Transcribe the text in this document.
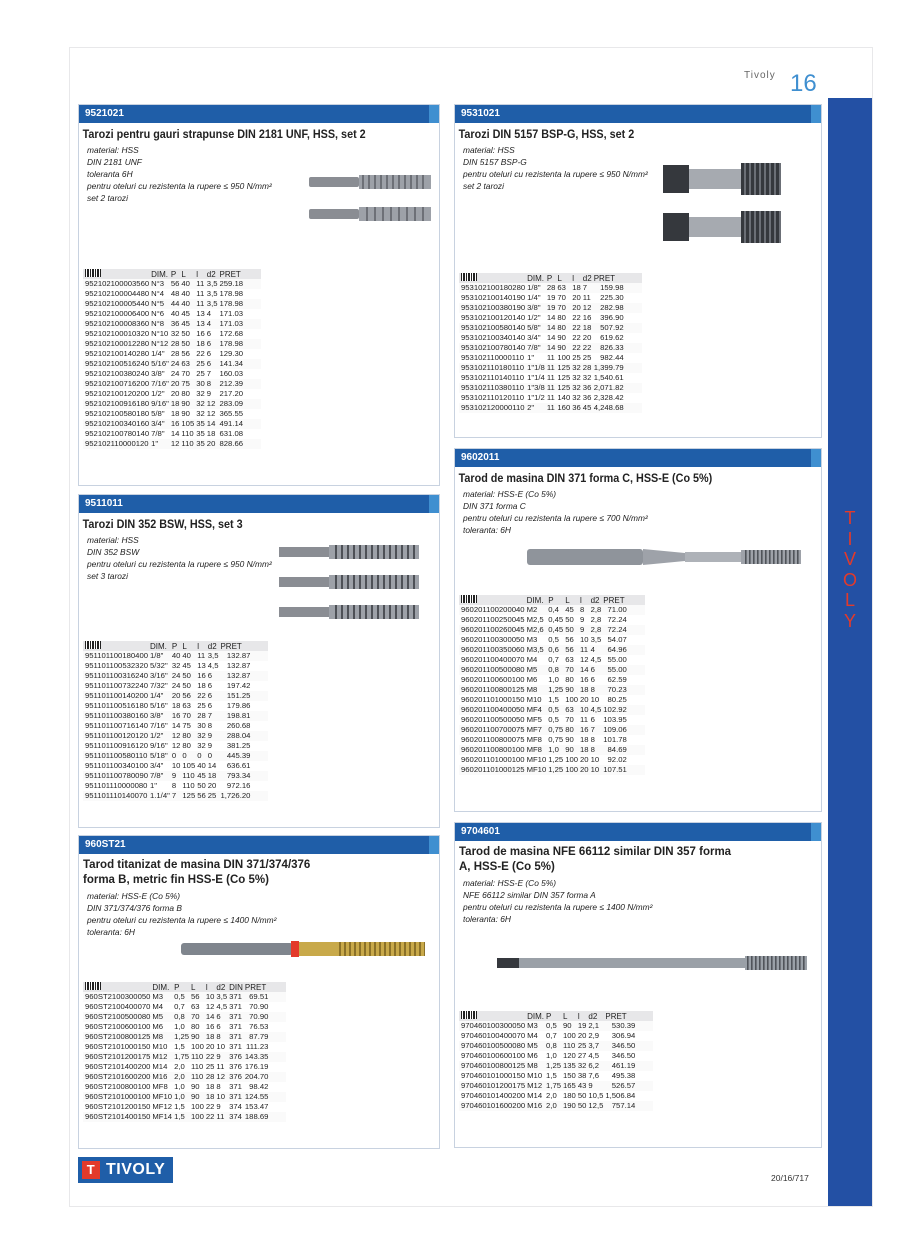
Tivoly 16
T
I
V
O
L
Y
9521021
Tarozi pentru gauri strapunse DIN 2181 UNF, HSS, set 2
material: HSS
DIN 2181 UNF
toleranta 6H
pentru oteluri cu rezistenta la rupere ≤ 950 N/mm²
set 2 tarozi
	DIM.	P	L	l	d2	PRET
952102100003560	N°3	56	40	11	3,5	259.18
952102100004480	N°4	48	40	11	3,5	178.98
952102100005440	N°5	44	40	11	3,5	178.98
952102100006400	N°6	40	45	13	4	171.03
952102100008360	N°8	36	45	13	4	171.03
952102100010320	N°10	32	50	16	6	172.68
952102100012280	N°12	28	50	18	6	178.98
952102100140280	1/4"	28	56	22	6	129.30
952102100516240	5/16"	24	63	25	6	141.34
952102100380240	3/8"	24	70	25	7	160.03
952102100716200	7/16"	20	75	30	8	212.39
952102100120200	1/2"	20	80	32	9	217.20
952102100916180	9/16"	18	90	32	12	283.09
952102100580180	5/8"	18	90	32	12	365.55
952102100340160	3/4"	16	105	35	14	491.14
952102100780140	7/8"	14	110	35	18	631.08
952102110000120	1"	12	110	35	20	828.66
9511011
Tarozi DIN 352 BSW, HSS, set 3
material: HSS
DIN 352 BSW
pentru oteluri cu rezistenta la rupere ≤ 950 N/mm²
set 3 tarozi
	DIM.	P	L	l	d2	PRET
951101100180400	1/8"	40	40	11	3,5	132.87
951101100532320	5/32"	32	45	13	4,5	132.87
951101100316240	3/16"	24	50	16	6	132.87
951101100732240	7/32"	24	50	18	6	197.42
951101100140200	1/4"	20	56	22	6	151.25
951101100516180	5/16"	18	63	25	6	179.86
951101100380160	3/8"	16	70	28	7	198.81
951101100716140	7/16"	14	75	30	8	260.68
951101100120120	1/2"	12	80	32	9	288.04
951101100916120	9/16"	12	80	32	9	381.25
951101100580110	5/18"	0	0	0	0	445.39
951101100340100	3/4"	10	105	40	14	636.61
951101100780090	7/8"	9	110	45	18	793.34
951101110000080	1"	8	110	50	20	972.16
951101110140070	1.1/4"	7	125	56	25	1,726.20
960ST21
Tarod titanizat de masina DIN 371/374/376 forma B, metric fin HSS-E (Co 5%)
material: HSS-E (Co 5%)
DIN 371/374/376 forma B
pentru oteluri cu rezistenta la rupere ≤ 1400 N/mm²
toleranta: 6H
	DIM.	P	L	l	d2	DIN	PRET
960ST2100300050	M3	0,5	56	10	3,5	371	69.51
960ST2100400070	M4	0,7	63	12	4,5	371	70.90
960ST2100500080	M5	0,8	70	14	6	371	70.90
960ST2100600100	M6	1,0	80	16	6	371	76.53
960ST2100800125	M8	1,25	90	18	8	371	87.79
960ST2101000150	M10	1,5	100	20	10	371	111.23
960ST2101200175	M12	1,75	110	22	9	376	143.35
960ST2101400200	M14	2,0	110	25	11	376	176.19
960ST2101600200	M16	2,0	110	28	12	376	204.70
960ST2100800100	MF8	1,0	90	18	8	371	98.42
960ST2101000100	MF10	1,0	90	18	10	371	124.55
960ST2101200150	MF12	1,5	100	22	9	374	153.47
960ST2101400150	MF14	1,5	100	22	11	374	188.69
9531021
Tarozi DIN 5157 BSP-G, HSS, set 2
material: HSS
DIN 5157 BSP-G
pentru oteluri cu rezistenta la rupere ≤ 950 N/mm²
set 2 tarozi
	DIM.	P	L	l	d2	PRET
953102100180280	1/8"	28	63	18	7	159.98
953102100140190	1/4"	19	70	20	11	225.30
953102100380190	3/8"	19	70	20	12	282.98
953102100120140	1/2"	14	80	22	16	396.90
953102100580140	5/8"	14	80	22	18	507.92
953102100340140	3/4"	14	90	22	20	619.62
953102100780140	7/8"	14	90	22	22	826.33
953102110000110	1"	11	100	25	25	982.44
953102110180110	1"1/8	11	125	32	28	1,399.79
953102110140110	1"1/4	11	125	32	32	1,540.61
953102110380110	1"3/8	11	125	32	36	2,071.82
953102110120110	1"1/2	11	140	32	36	2,328.42
953102120000110	2"	11	160	36	45	4,248.68
9602011
Tarod de masina DIN 371 forma C, HSS-E (Co 5%)
material: HSS-E (Co 5%)
DIN 371 forma C
pentru oteluri cu rezistenta la rupere ≤ 700 N/mm²
toleranta: 6H
	DIM.	P	L	l	d2	PRET
960201100200040	M2	0,4	45	8	2,8	71.00
960201100250045	M2,5	0,45	50	9	2,8	72.24
960201100260045	M2,6	0,45	50	9	2,8	72.24
960201100300050	M3	0,5	56	10	3,5	54.07
960201100350060	M3,5	0,6	56	11	4	64.96
960201100400070	M4	0,7	63	12	4,5	55.00
960201100500080	M5	0,8	70	14	6	55.00
960201100600100	M6	1,0	80	16	6	62.59
960201100800125	M8	1,25	90	18	8	70.23
960201101000150	M10	1,5	100	20	10	80.25
960201100400050	MF4	0,5	63	10	4,5	102.92
960201100500050	MF5	0,5	70	11	6	103.95
960201100700075	MF7	0,75	80	16	7	109.06
960201100800075	MF8	0,75	90	18	8	101.78
960201100800100	MF8	1,0	90	18	8	84.69
960201101000100	MF10	1,25	100	20	10	92.02
960201101000125	MF10	1,25	100	20	10	107.51
9704601
Tarod de masina NFE 66112 similar DIN 357 forma A, HSS-E (Co 5%)
material: HSS-E (Co 5%)
NFE 66112 similar DIN 357 forma A
pentru oteluri cu rezistenta la rupere ≤ 1400 N/mm²
toleranta: 6H
	DIM.	P	L	l	d2	PRET
970460100300050	M3	0,5	90	19	2,1	530.39
970460100400070	M4	0,7	100	20	2,9	306.94
970460100500080	M5	0,8	110	25	3,7	346.50
970460100600100	M6	1,0	120	27	4,5	346.50
970460100800125	M8	1,25	135	32	6,2	461.19
970460101000150	M10	1,5	150	38	7,6	495.38
970460101200175	M12	1,75	165	43	9	526.57
970460101400200	M14	2,0	180	50	10,5	1,506.84
970460101600200	M16	2,0	190	50	12,5	757.14
T TIVOLY	20/16/717
